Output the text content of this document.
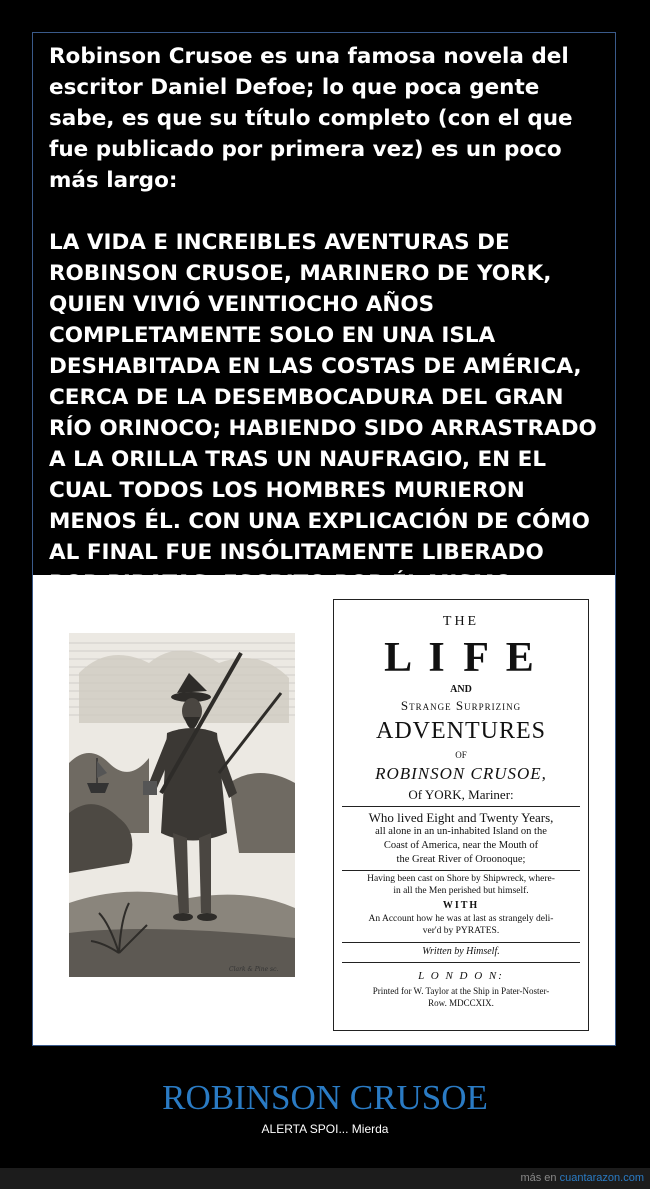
Robinson Crusoe es una famosa novela del escritor Daniel Defoe; lo que poca gente sabe, es que su título completo (con el que fue publicado por primera vez) es un poco más largo:

LA VIDA E INCREIBLES AVENTURAS DE ROBINSON CRUSOE, MARINERO DE YORK, QUIEN VIVIÓ VEINTIOCHO AÑOS COMPLETAMENTE SOLO EN UNA ISLA DESHABITADA EN LAS COSTAS DE AMÉRICA, CERCA DE LA DESEMBOCADURA DEL GRAN RÍO ORINOCO; HABIENDO SIDO ARRASTRADO A LA ORILLA TRAS UN NAUFRAGIO, EN EL CUAL TODOS LOS HOMBRES MURIERON MENOS ÉL. CON UNA EXPLICACIÓN DE CÓMO AL FINAL FUE INSÓLITAMENTE LIBERADO

Clark & Pine sc.
THE
L I F E
AND
Strange Surprizing
ADVENTURES
OF
ROBINSON CRUSOE,
Of YORK, Mariner:
Who lived Eight and Twenty Years,
all alone in an un-inhabited Island on the
Coast of America, near the Mouth of
the Great River of Oroonoque;
Having been cast on Shore by Shipwreck, where-
in all the Men perished but himself.
WITH
An Account how he was at last as strangely deli-
ver'd by PYRATES.
Written by Himself.
L O N D O N:
Printed for W. Taylor at the Ship in Pater-Noster-
Row. MDCCXIX.
ROBINSON CRUSOE
ALERTA SPOI... Mierda
más en cuantarazon.com
